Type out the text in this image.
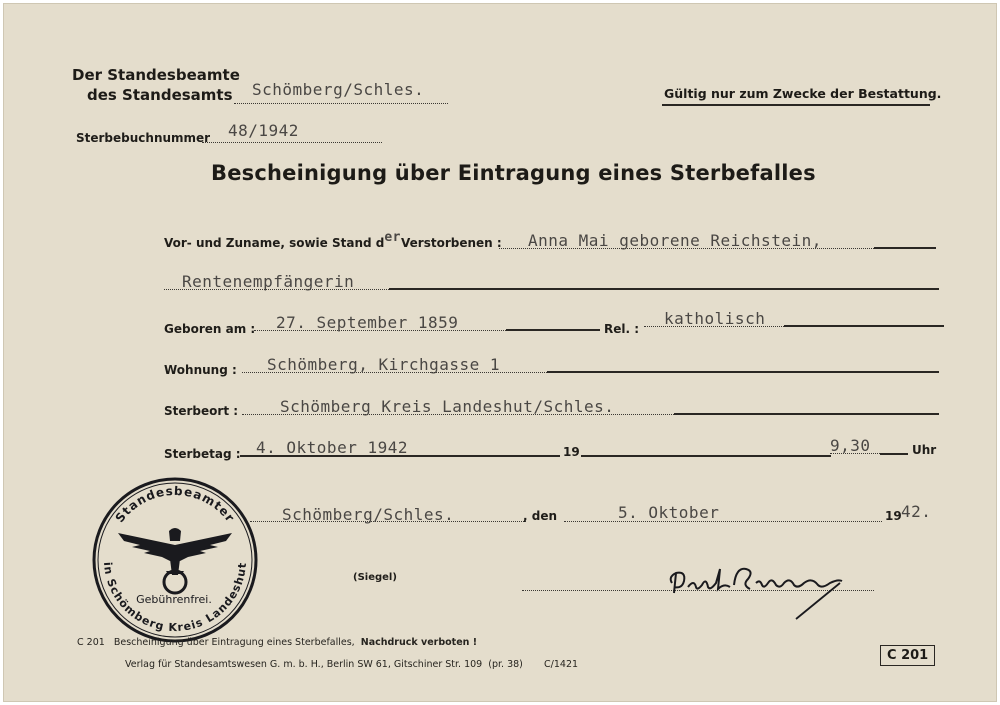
Der Standesbeamte
des Standesamts Schömberg/Schles.	Gültig nur zum Zwecke der Bestattung.
Sterbebuchnummer 48/1942
Bescheinigung über Eintragung eines Sterbefalles
Vor- und Zuname, sowie Stand derVerstorbenen : Anna Mai geborene Reichstein,
Rentenempfängerin
Geboren am : 27. September 1859	Rel. :
katholisch
Wohnung : Schömberg, Kirchgasse 1
Sterbeort :	Schömberg Kreis Landeshut/Schles.
Sterbetag : 4. Oktober 1942	19	9,30	Uhr
Schömberg/Schles.	, den	5. Oktober	19 42.
Standesbeamter
in Schömberg Kreis Landeshut
Gebührenfrei.
(Siegel)
C 201 Bescheinigung über Eintragung eines Sterbefalles, Nachdruck verboten !
Verlag für Standesamtswesen G. m. b. H., Berlin SW 61, Gitschiner Str. 109 (pr. 38) C/1421
C 201
